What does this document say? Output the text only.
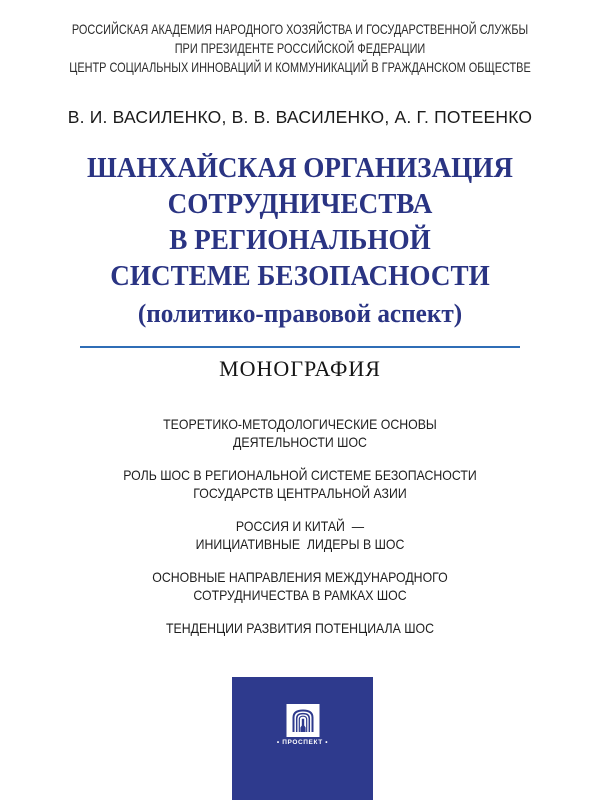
РОССИЙСКАЯ АКАДЕМИЯ НАРОДНОГО ХОЗЯЙСТВА И ГОСУДАРСТВЕННОЙ СЛУЖБЫ
ПРИ ПРЕЗИДЕНТЕ РОССИЙСКОЙ ФЕДЕРАЦИИ
ЦЕНТР СОЦИАЛЬНЫХ ИННОВАЦИЙ И КОММУНИКАЦИЙ В ГРАЖДАНСКОМ ОБЩЕСТВЕ
В. И. ВАСИЛЕНКО, В. В. ВАСИЛЕНКО, А. Г. ПОТЕЕНКО
ШАНХАЙСКАЯ ОРГАНИЗАЦИЯ
СОТРУДНИЧЕСТВА
В РЕГИОНАЛЬНОЙ
СИСТЕМЕ БЕЗОПАСНОСТИ
(политико-правовой аспект)
МОНОГРАФИЯ
ТЕОРЕТИКО-МЕТОДОЛОГИЧЕСКИЕ ОСНОВЫ
ДЕЯТЕЛЬНОСТИ ШОС
РОЛЬ ШОС В РЕГИОНАЛЬНОЙ СИСТЕМЕ БЕЗОПАСНОСТИ
ГОСУДАРСТВ ЦЕНТРАЛЬНОЙ АЗИИ
РОССИЯ И КИТАЙ  —
ИНИЦИАТИВНЫЕ  ЛИДЕРЫ В ШОС
ОСНОВНЫЕ НАПРАВЛЕНИЯ МЕЖДУНАРОДНОГО
СОТРУДНИЧЕСТВА В РАМКАХ ШОС
ТЕНДЕНЦИИ РАЗВИТИЯ ПОТЕНЦИАЛА ШОС
• ПРОСПЕКТ •
